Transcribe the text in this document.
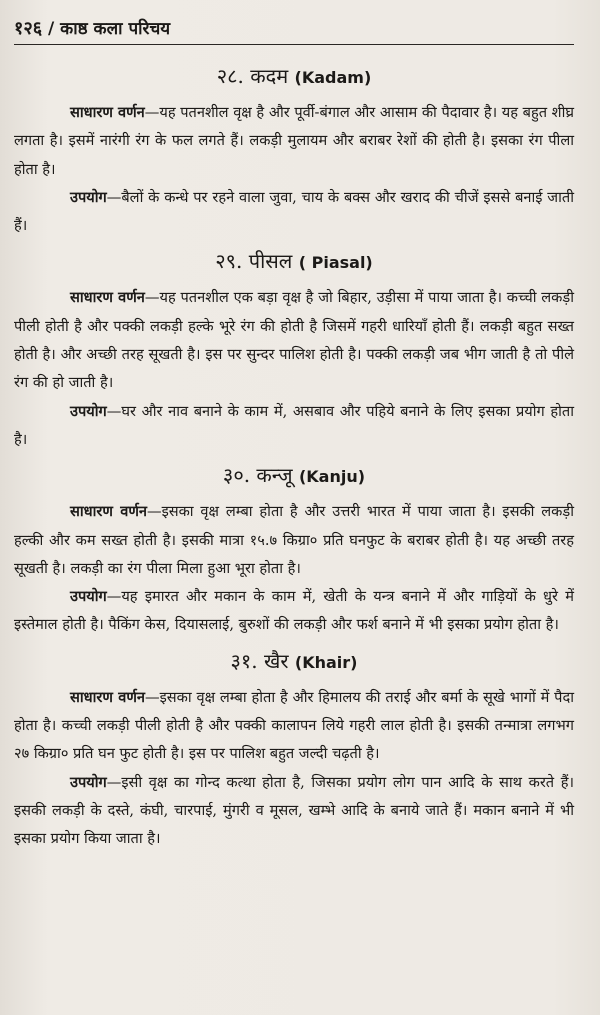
१२६ / काष्ठ कला परिचय
२८. कदम (Kadam)

साधारण वर्णन—यह पतनशील वृक्ष है और पूर्वी-बंगाल और आसाम की पैदावार है। यह बहुत शीघ्र लगता है। इसमें नारंगी रंग के फल लगते हैं। लकड़ी मुलायम और बराबर रेशों की होती है। इसका रंग पीला होता है।

उपयोग—बैलों के कन्धे पर रहने वाला जुवा, चाय के बक्स और खराद की चीजें इससे बनाई जाती हैं।

२९. पीसल ( Piasal)

साधारण वर्णन—यह पतनशील एक बड़ा वृक्ष है जो बिहार, उड़ीसा में पाया जाता है। कच्ची लकड़ी पीली होती है और पक्की लकड़ी हल्के भूरे रंग की होती है जिसमें गहरी धारियाँ होती हैं। लकड़ी बहुत सख्त होती है। और अच्छी तरह सूखती है। इस पर सुन्दर पालिश होती है। पक्की लकड़ी जब भीग जाती है तो पीले रंग की हो जाती है।

उपयोग—घर और नाव बनाने के काम में, असबाव और पहिये बनाने के लिए इसका प्रयोग होता है।

३०. कन्जू (Kanju)

साधारण वर्णन—इसका वृक्ष लम्बा होता है और उत्तरी भारत में पाया जाता है। इसकी लकड़ी हल्की और कम सख्त होती है। इसकी मात्रा १५.७ किग्रा० प्रति घनफुट के बराबर होती है। यह अच्छी तरह सूखती है। लकड़ी का रंग पीला मिला हुआ भूरा होता है।

उपयोग—यह इमारत और मकान के काम में, खेती के यन्त्र बनाने में और गाड़ियों के धुरे में इस्तेमाल होती है। पैकिंग केस, दियासलाई, बुरुशों की लकड़ी और फर्श बनाने में भी इसका प्रयोग होता है।

३१. खैर (Khair)

साधारण वर्णन—इसका वृक्ष लम्बा होता है और हिमालय की तराई और बर्मा के सूखे भागों में पैदा होता है। कच्ची लकड़ी पीली होती है और पक्की कालापन लिये गहरी लाल होती है। इसकी तन्मात्रा लगभग २७ किग्रा० प्रति घन फुट होती है। इस पर पालिश बहुत जल्दी चढ़ती है।

उपयोग—इसी वृक्ष का गोन्द कत्था होता है, जिसका प्रयोग लोग पान आदि के साथ करते हैं। इसकी लकड़ी के दस्ते, कंघी, चारपाई, मुंगरी व मूसल, खम्भे आदि के बनाये जाते हैं। मकान बनाने में भी इसका प्रयोग किया जाता है।
